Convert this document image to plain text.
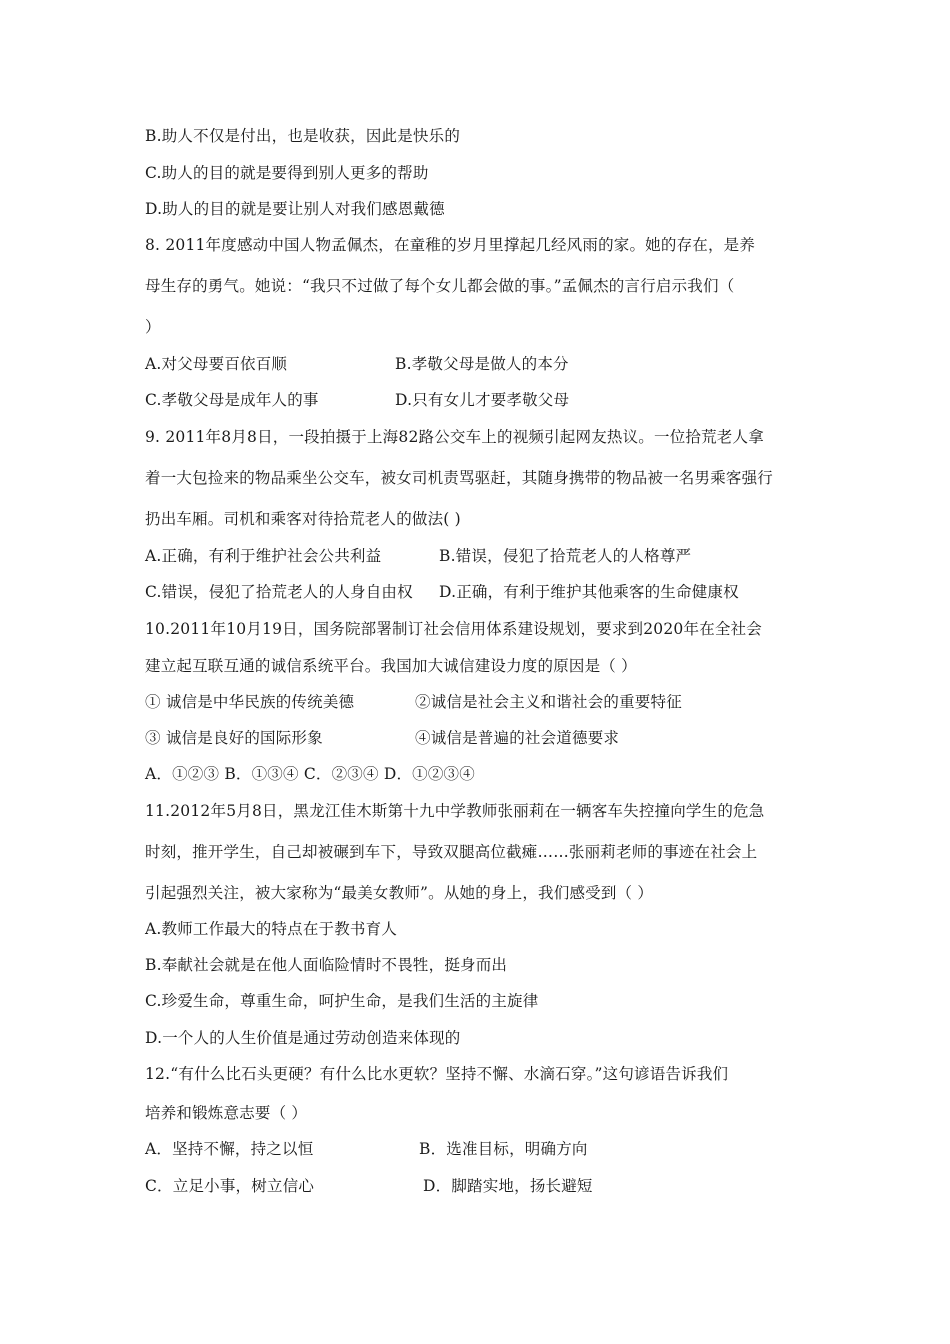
B.助人不仅是付出，也是收获，因此是快乐的
C.助人的目的就是要得到别人更多的帮助
D.助人的目的就是要让别人对我们感恩戴德
8. 2011年度感动中国人物孟佩杰，在童稚的岁月里撑起几经风雨的家。她的存在，是养
母生存的勇气。她说：“我只不过做了每个女儿都会做的事。”孟佩杰的言行启示我们（
）
A.对父母要百依百顺	B.孝敬父母是做人的本分
C.孝敬父母是成年人的事	D.只有女儿才要孝敬父母
9. 2011年8月8日，一段拍摄于上海82路公交车上的视频引起网友热议。一位拾荒老人拿
着一大包捡来的物品乘坐公交车，被女司机责骂驱赶，其随身携带的物品被一名男乘客强行
扔出车厢。司机和乘客对待拾荒老人的做法( )
A.正确，有利于维护社会公共利益	B.错误，侵犯了拾荒老人的人格尊严
C.错误，侵犯了拾荒老人的人身自由权 D.正确，有利于维护其他乘客的生命健康权
10.2011年10月19日，国务院部署制订社会信用体系建设规划，要求到2020年在全社会
建立起互联互通的诚信系统平台。我国加大诚信建设力度的原因是（ ）
① 诚信是中华民族的传统美德	②诚信是社会主义和谐社会的重要特征
③ 诚信是良好的国际形象	④诚信是普遍的社会道德要求
A．①②③ B．①③④ C．②③④ D．①②③④
11.2012年5月8日，黑龙江佳木斯第十九中学教师张丽莉在一辆客车失控撞向学生的危急
时刻，推开学生，自己却被碾到车下，导致双腿高位截瘫……张丽莉老师的事迹在社会上
引起强烈关注，被大家称为“最美女教师”。从她的身上，我们感受到（ ）
A.教师工作最大的特点在于教书育人
B.奉献社会就是在他人面临险情时不畏牲，挺身而出
C.珍爱生命，尊重生命，呵护生命，是我们生活的主旋律
D.一个人的人生价值是通过劳动创造来体现的
12.“有什么比石头更硬？有什么比水更软？坚持不懈、水滴石穿。”这句谚语告诉我们
培养和锻炼意志要（ ）
A．坚持不懈，持之以恒	B．选准目标，明确方向
C．立足小事，树立信心	D．脚踏实地，扬长避短
